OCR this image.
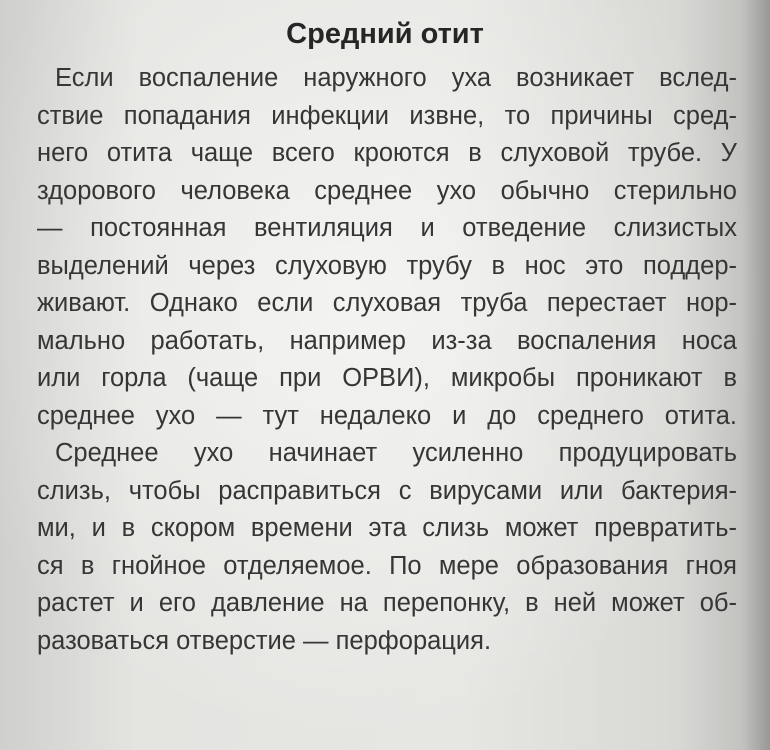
Средний отит
Если воспаление наружного уха возникает вслед-
ствие попадания инфекции извне, то причины сред-
него отита чаще всего кроются в слуховой трубе. У
здорового человека среднее ухо обычно стерильно
— постоянная вентиляция и отведение слизистых
выделений через слуховую трубу в нос это поддер-
живают. Однако если слуховая труба перестает нор-
мально работать, например из-за воспаления носа
или горла (чаще при ОРВИ), микробы проникают в
среднее ухо — тут недалеко и до среднего отита.
Среднее ухо начинает усиленно продуцировать
слизь, чтобы расправиться с вирусами или бактерия-
ми, и в скором времени эта слизь может превратить-
ся в гнойное отделяемое. По мере образования гноя
растет и его давление на перепонку, в ней может об-
разоваться отверстие — перфорация.
